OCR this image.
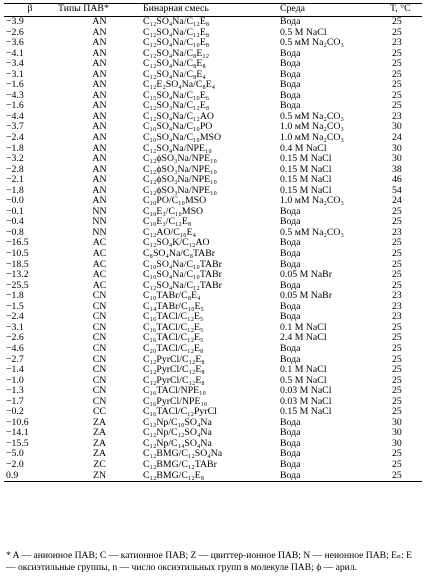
β	Типы ПАВ*	Бинарная смесь	Среда	T, °C
−3.9	AN	C₁₂SO₄Na/C₁₂E₈	Вода	25
−2.6	AN	C₁₂SO₄Na/C₁₂E₈	0.5 M NaCl	25
−3.6	AN	C₁₂SO₄Na/C₁₀E₈	0.5 мM Na₂CO₃	23
−4.1	AN	C₁₂SO₄Na/C₈E₁₂	Вода	25
−3.4	AN	C₁₂SO₄Na/C₈E₈	Вода	25
−3.1	AN	C₁₂SO₄Na/C₈E₄	Вода	25
−1.6	AN	C₁₂E₂SO₄Na/C₈E₄	Вода	25
−4.3	AN	C₁₅SO₄Na/C₁₀E₆	Вода	25
−1.6	AN	C₁₂SO₃Na/C₁₂E₈	Вода	25
−4.4	AN	C₁₂SO₄Na/C₁₂AO	0.5 мM Na₂CO₃	23
−3.7	AN	C₁₀SO₄Na/C₁₀PO	1.0 мM Na₂CO₃	30
−2.4	AN	C₁₀SO₄Na/C₁₀MSO	1.0 мM Na₂CO₃	24
−1.8	AN	C₁₂SO₄Na/NPE₁₀	0.4 M NaCl	30
−3.2	AN	C₁₂ϕSO₃Na/NPE₁₀	0.15 M NaCl	30
−2.8	AN	C₁₂ϕSO₃Na/NPE₁₀	0.15 M NaCl	38
−2.1	AN	C₁₂ϕSO₃Na/NPE₁₀	0.15 M NaCl	46
−1.8	AN	C₁₂ϕSO₃Na/NPE₁₀	0.15 M NaCl	54
−0.0	AN	C₁₀PO/C₁₀MSO	1.0 мM Na₂CO₃	24
−0.1	NN	C₁₀E₃/C₁₀MSO	Вода	25
−0.4	NN	C₁₀E₃/C₁₂E₈	Вода	25
−0.8	NN	C₁₂AO/C₁₀E₄	0.5 мM Na₂CO₃	23
−16.5	AC	C₁₂SO₄K/C₁₂AO	Вода	25
−10.5	AC	C₈SO₄Na/C₈TABr	Вода	25
−18.5	AC	C₁₀SO₄Na/C₁₀TABr	Вода	25
−13.2	AC	C₁₀SO₄Na/C₁₀TABr	0.05 M NaBr	25
−25.5	AC	C₁₂SO₄Na/C₁₂TABr	Вода	25
−1.8	CN	C₁₀TABr/C₈E₄	0.05 M NaBr	23
−1.5	CN	C₁₄TABr/C₁₀E₅	Вода	23
−2.4	CN	C₁₆TACl/C₁₂E₅	Вода	23
−3.1	CN	C₁₆TACl/C₁₂E₅	0.1 M NaCl	25
−2.6	CN	C₁₆TACl/C₁₂E₅	2.4 M NaCl	25
−4.6	CN	C₂₀TACl/C₁₂E₈	Вода	25
−2.7	CN	C₁₂PyrCl/C₁₂E₈	Вода	25
−1.4	CN	C₁₂PyrCl/C₁₂E₈	0.1 M NaCl	25
−1.0	CN	C₁₂PyrCl/C₁₂E₈	0.5 M NaCl	25
−1.3	CN	C₁₆TACl/NPE₁₀	0.03 M NaCl	25
−1.7	CN	C₁₆PyrCl/NPE₁₀	0.03 M NaCl	25
−0.2	CC	C₁₆TACl/C₁₂PyrCl	0.15 M NaCl	25
−10.6	ZA	C₁₂Np/C₁₀SO₄Na	Вода	30
−14.1	ZA	C₁₂Np/C₁₂SO₄Na	Вода	30
−15.5	ZA	C₁₂Np/C₁₄SO₄Na	Вода	30
−5.0	ZA	C₁₂BMG/C₁₂SO₄Na	Вода	25
−2.0	ZC	C₁₂BMG/C₁₂TABr	Вода	25
0.9	ZN	C₁₂BMG/C₁₂E₈	Вода	25

* A — анионное ПАВ; C — катионное ПАВ; Z — цвиттер-ионное ПАВ; N — неионное ПАВ; Eₙ: E — оксиэтильные группы, n — число оксиэтильных групп в молекуле ПАВ; ϕ — арил.
